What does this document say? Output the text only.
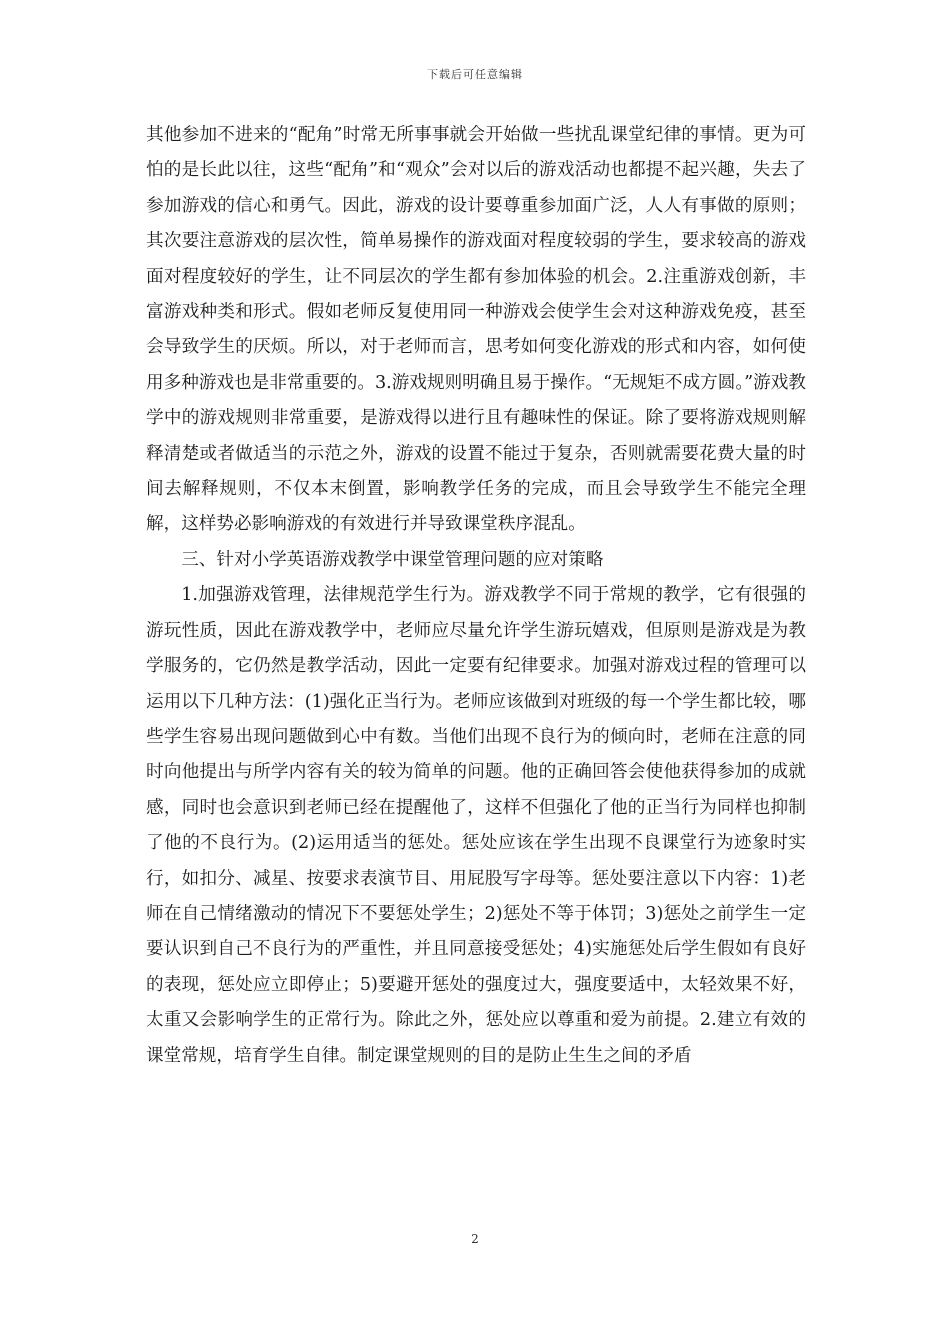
下载后可任意编辑

其他参加不进来的“配角”时常无所事事就会开始做一些扰乱课堂纪律的事情。更为可怕的是长此以往，这些“配角”和“观众”会对以后的游戏活动也都提不起兴趣，失去了参加游戏的信心和勇气。因此，游戏的设计要尊重参加面广泛，人人有事做的原则；其次要注意游戏的层次性，简单易操作的游戏面对程度较弱的学生，要求较高的游戏面对程度较好的学生，让不同层次的学生都有参加体验的机会。2.注重游戏创新，丰富游戏种类和形式。假如老师反复使用同一种游戏会使学生会对这种游戏免疫，甚至会导致学生的厌烦。所以，对于老师而言，思考如何变化游戏的形式和内容，如何使用多种游戏也是非常重要的。3.游戏规则明确且易于操作。“无规矩不成方圆。”游戏教学中的游戏规则非常重要，是游戏得以进行且有趣味性的保证。除了要将游戏规则解释清楚或者做适当的示范之外，游戏的设置不能过于复杂，否则就需要花费大量的时间去解释规则，不仅本末倒置，影响教学任务的完成，而且会导致学生不能完全理解，这样势必影响游戏的有效进行并导致课堂秩序混乱。

三、针对小学英语游戏教学中课堂管理问题的应对策略

1.加强游戏管理，法律规范学生行为。游戏教学不同于常规的教学，它有很强的游玩性质，因此在游戏教学中，老师应尽量允许学生游玩嬉戏，但原则是游戏是为教学服务的，它仍然是教学活动，因此一定要有纪律要求。加强对游戏过程的管理可以运用以下几种方法：(1)强化正当行为。老师应该做到对班级的每一个学生都比较，哪些学生容易出现问题做到心中有数。当他们出现不良行为的倾向时，老师在注意的同时向他提出与所学内容有关的较为简单的问题。他的正确回答会使他获得参加的成就感，同时也会意识到老师已经在提醒他了，这样不但强化了他的正当行为同样也抑制了他的不良行为。(2)运用适当的惩处。惩处应该在学生出现不良课堂行为迹象时实行，如扣分、减星、按要求表演节目、用屁股写字母等。惩处要注意以下内容：1)老师在自己情绪激动的情况下不要惩处学生；2)惩处不等于体罚；3)惩处之前学生一定要认识到自己不良行为的严重性，并且同意接受惩处；4)实施惩处后学生假如有良好的表现，惩处应立即停止；5)要避开惩处的强度过大，强度要适中，太轻效果不好，太重又会影响学生的正常行为。除此之外，惩处应以尊重和爱为前提。2.建立有效的课堂常规，培育学生自律。制定课堂规则的目的是防止生生之间的矛盾

2
